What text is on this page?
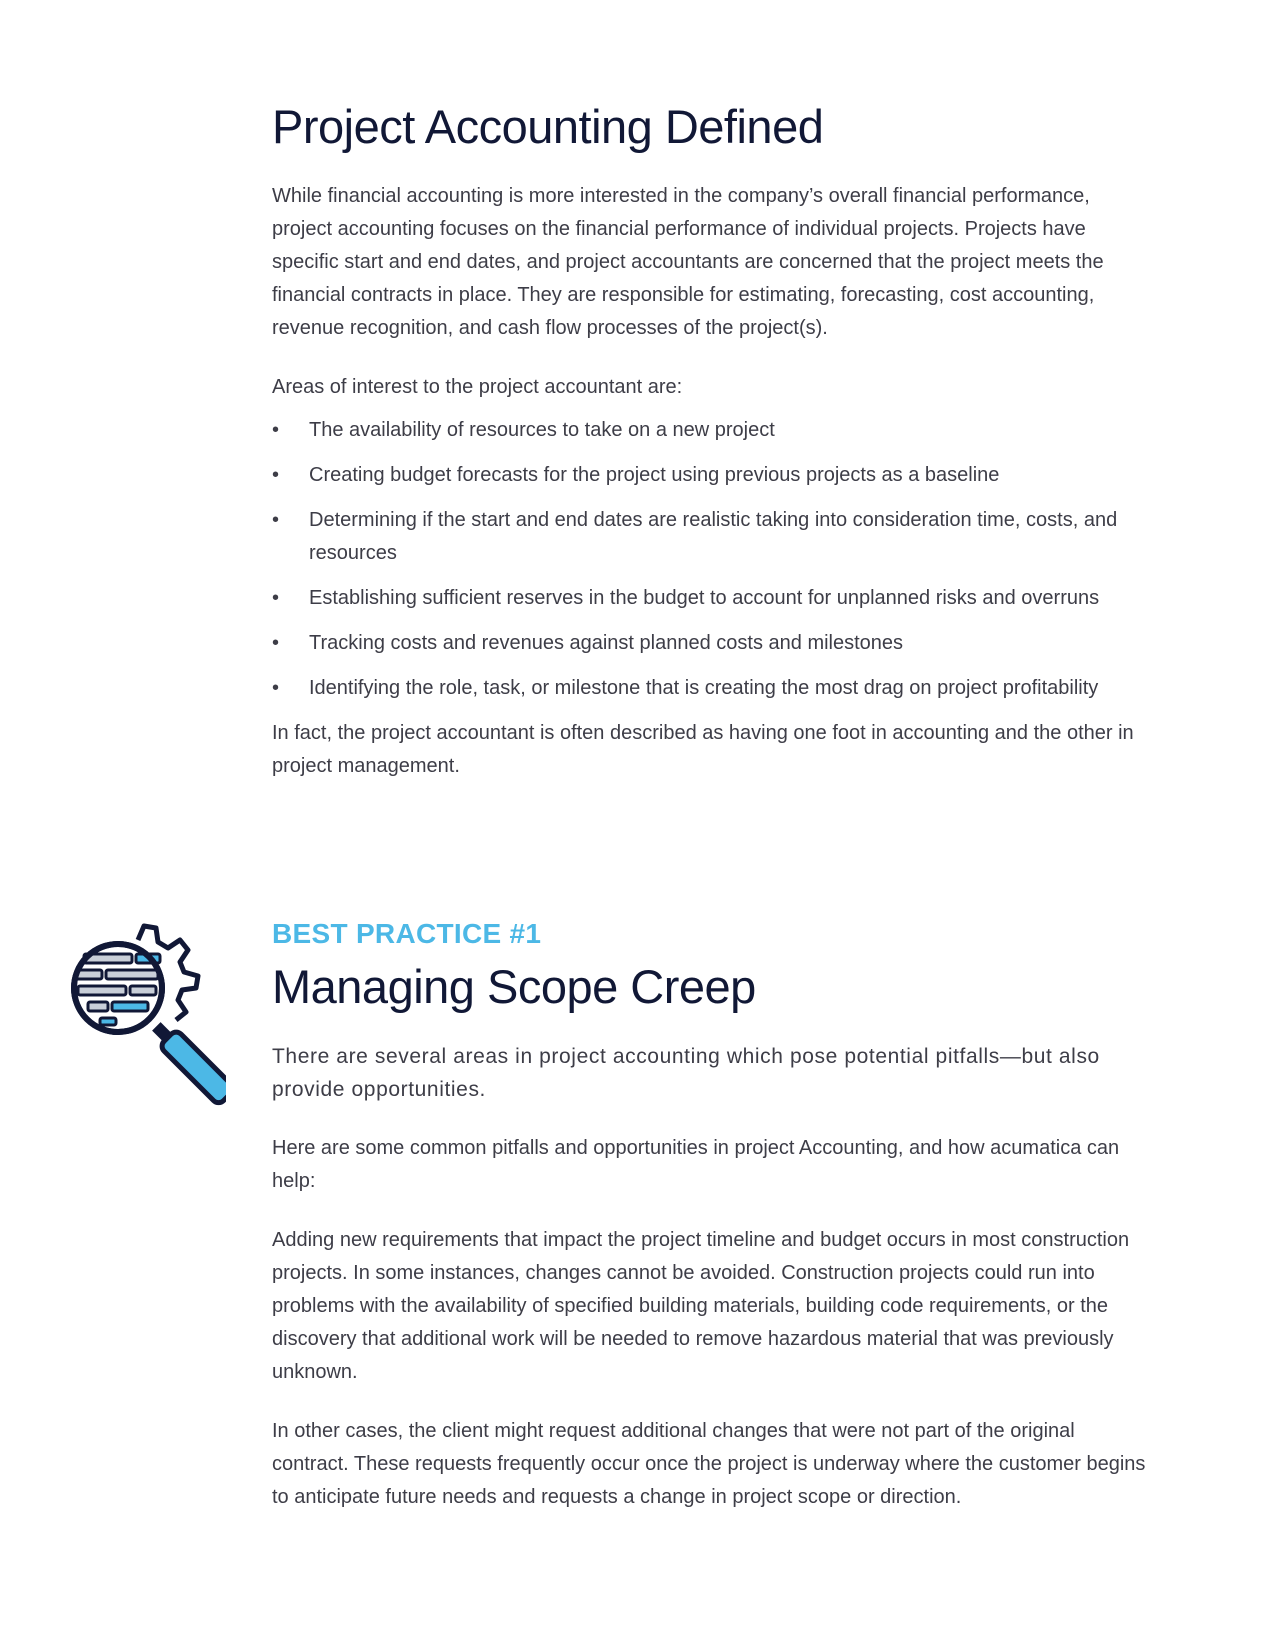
Project Accounting Defined

While financial accounting is more interested in the company’s overall financial performance, project accounting focuses on the financial performance of individual projects. Projects have specific start and end dates, and project accountants are concerned that the project meets the financial contracts in place. They are responsible for estimating, forecasting, cost accounting, revenue recognition, and cash flow processes of the project(s).

Areas of interest to the project accountant are:

•	The availability of resources to take on a new project
•	Creating budget forecasts for the project using previous projects as a baseline
•	Determining if the start and end dates are realistic taking into consideration time, costs, and resources
•	Establishing sufficient reserves in the budget to account for unplanned risks and overruns
•	Tracking costs and revenues against planned costs and milestones
•	Identifying the role, task, or milestone that is creating the most drag on project profitability

In fact, the project accountant is often described as having one foot in accounting and the other in project management.

BEST PRACTICE #1

Managing Scope Creep

There are several areas in project accounting which pose potential pitfalls—but also provide opportunities.

Here are some common pitfalls and opportunities in project Accounting, and how acumatica can help:

Adding new requirements that impact the project timeline and budget occurs in most construction projects. In some instances, changes cannot be avoided. Construction projects could run into problems with the availability of specified building materials, building code requirements, or the discovery that additional work will be needed to remove hazardous material that was previously unknown.

In other cases, the client might request additional changes that were not part of the original contract. These requests frequently occur once the project is underway where the customer begins to anticipate future needs and requests a change in project scope or direction.
